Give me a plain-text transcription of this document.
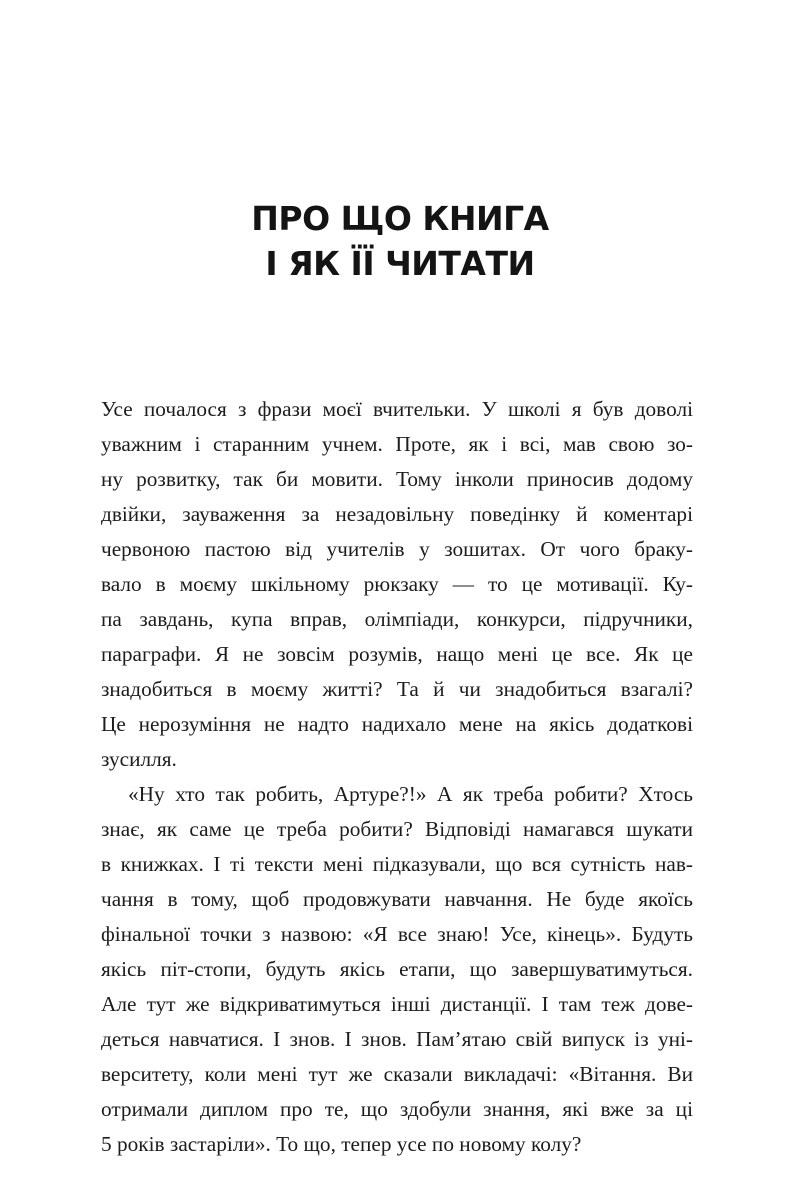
ПРО ЩО КНИГА
І ЯК ЇЇ ЧИТАТИ
Усе почалося з фрази моєї вчительки. У школі я був доволі
уважним і старанним учнем. Проте, як і всі, мав свою зо-
ну розвитку, так би мовити. Тому інколи приносив додому
двійки, зауваження за незадовільну поведінку й коментарі
червоною пастою від учителів у зошитах. От чого браку-
вало в моєму шкільному рюкзаку — то це мотивації. Ку-
па завдань, купа вправ, олімпіади, конкурси, підручники,
параграфи. Я не зовсім розумів, нащо мені це все. Як це
знадобиться в моєму житті? Та й чи знадобиться взагалі?
Це нерозуміння не надто надихало мене на якісь додаткові
зусилля.
«Ну хто так робить, Артуре?!» А як треба робити? Хтось
знає, як саме це треба робити? Відповіді намагався шукати
в книжках. І ті тексти мені підказували, що вся сутність нав-
чання в тому, щоб продовжувати навчання. Не буде якоїсь
фінальної точки з назвою: «Я все знаю! Усе, кінець». Будуть
якісь піт-стопи, будуть якісь етапи, що завершуватимуться.
Але тут же відкриватимуться інші дистанції. І там теж дове-
деться навчатися. І знов. І знов. Пам’ятаю свій випуск із уні-
верситету, коли мені тут же сказали викладачі: «Вітання. Ви
отримали диплом про те, що здобули знання, які вже за ці
5 років застаріли». То що, тепер усе по новому колу?
